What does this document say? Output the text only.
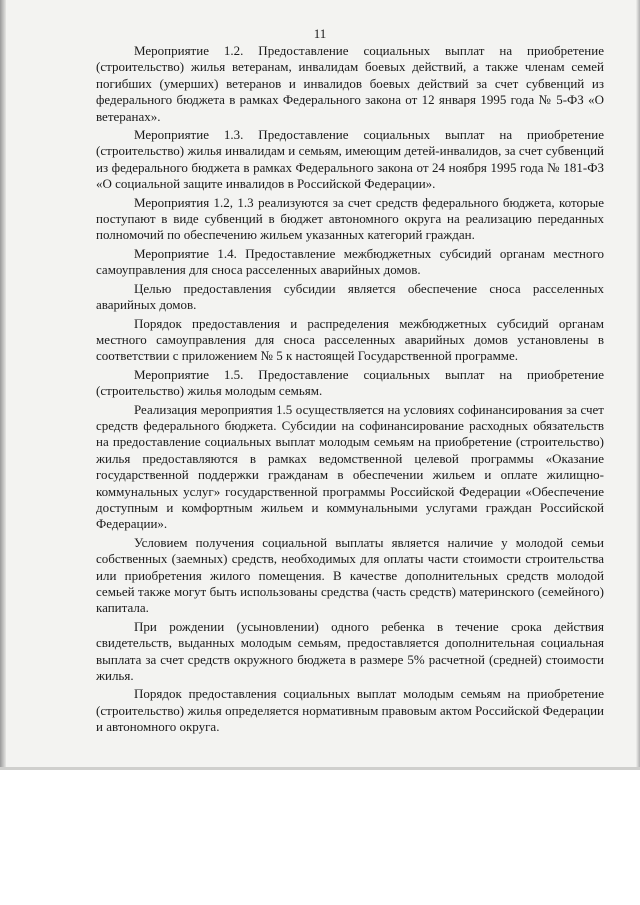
11

Мероприятие 1.2. Предоставление социальных выплат на приобретение (строительство) жилья ветеранам, инвалидам боевых действий, а также членам семей погибших (умерших) ветеранов и инвалидов боевых действий за счет субвенций из федерального бюджета в рамках Федерального закона от 12 января 1995 года № 5-ФЗ «О ветеранах».

Мероприятие 1.3. Предоставление социальных выплат на приобретение (строительство) жилья инвалидам и семьям, имеющим детей-инвалидов, за счет субвенций из федерального бюджета в рамках Федерального закона от 24 ноября 1995 года № 181-ФЗ «О социальной защите инвалидов в Российской Федерации».

Мероприятия 1.2, 1.3 реализуются за счет средств федерального бюджета, которые поступают в виде субвенций в бюджет автономного округа на реализацию переданных полномочий по обеспечению жильем указанных категорий граждан.

Мероприятие 1.4. Предоставление межбюджетных субсидий органам местного самоуправления для сноса расселенных аварийных домов.

Целью предоставления субсидии является обеспечение сноса расселенных аварийных домов.

Порядок предоставления и распределения межбюджетных субсидий органам местного самоуправления для сноса расселенных аварийных домов установлены в соответствии с приложением № 5 к настоящей Государственной программе.

Мероприятие 1.5. Предоставление социальных выплат на приобретение (строительство) жилья молодым семьям.

Реализация мероприятия 1.5 осуществляется на условиях софинансирования за счет средств федерального бюджета. Субсидии на софинансирование расходных обязательств на предоставление социальных выплат молодым семьям на приобретение (строительство) жилья предоставляются в рамках ведомственной целевой программы «Оказание государственной поддержки гражданам в обеспечении жильем и оплате жилищно-коммунальных услуг» государственной программы Российской Федерации «Обеспечение доступным и комфортным жильем и коммунальными услугами граждан Российской Федерации».

Условием получения социальной выплаты является наличие у молодой семьи собственных (заемных) средств, необходимых для оплаты части стоимости строительства или приобретения жилого помещения. В качестве дополнительных средств молодой семьей также могут быть использованы средства (часть средств) материнского (семейного) капитала.

При рождении (усыновлении) одного ребенка в течение срока действия свидетельств, выданных молодым семьям, предоставляется дополнительная социальная выплата за счет средств окружного бюджета в размере 5% расчетной (средней) стоимости жилья.

Порядок предоставления социальных выплат молодым семьям на приобретение (строительство) жилья определяется нормативным правовым актом Российской Федерации и автономного округа.
